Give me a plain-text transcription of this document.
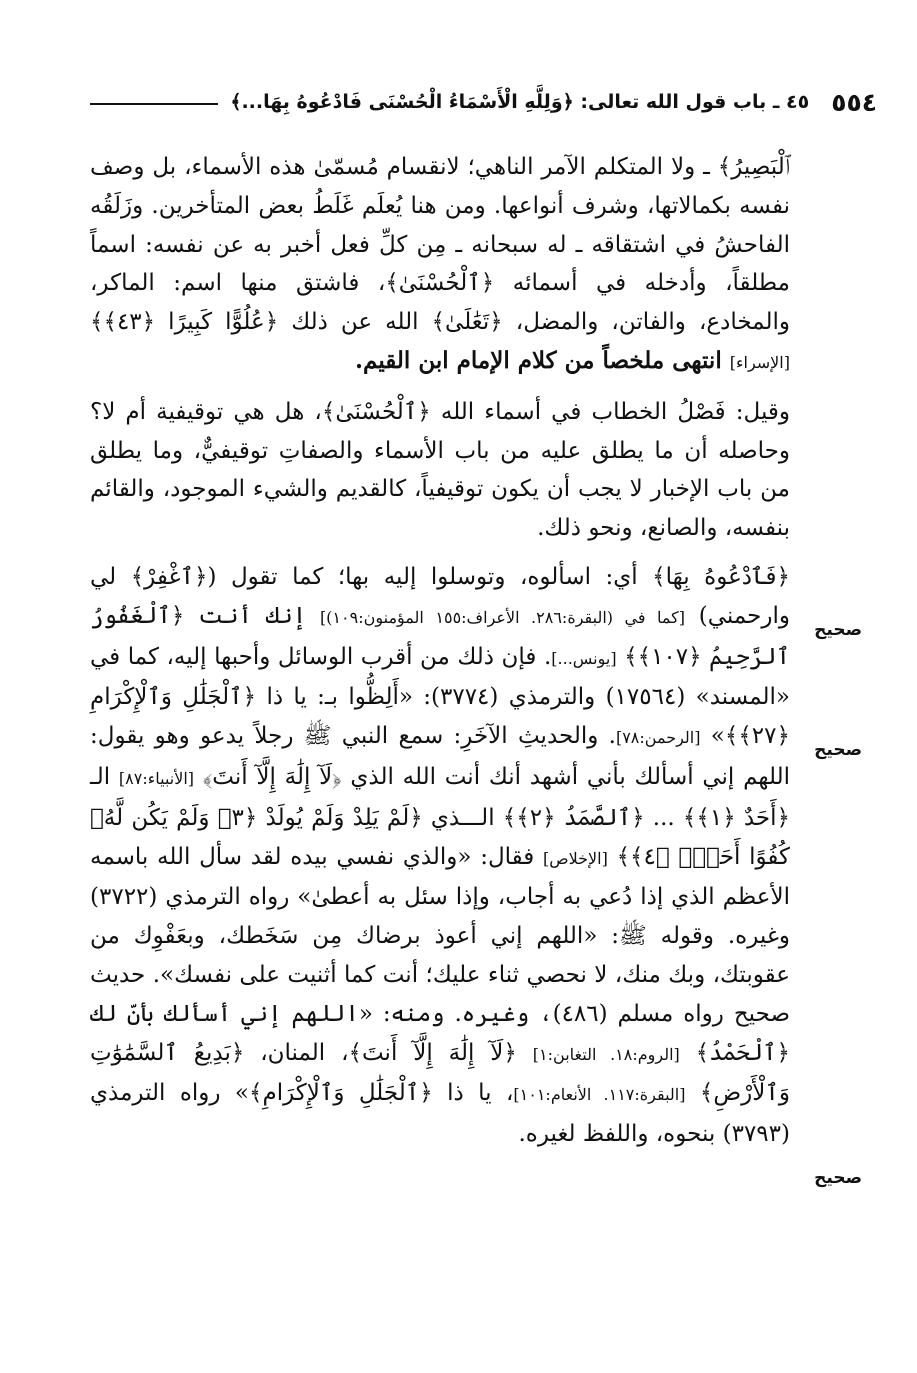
٥٥٤
٤٥ ـ باب قول الله تعالى: ﴿وَلِلَّهِ الْأَسْمَاءُ الْحُسْنَى فَادْعُوهُ بِهَا...﴾

ﭐلْبَصِيرُ﴾ ـ ولا المتكلم الآمر الناهي؛ لانقسام مُسمّىٰ هذه الأسماء، بل وصف نفسه بكمالاتها، وشرف أنواعها. ومن هنا يُعلَم غَلَطُ بعض المتأخرين. وزَلَقُه الفاحشُ في اشتقاقه ـ له سبحانه ـ مِن كلِّ فعل أخبر به عن نفسه: اسماً مطلقاً، وأدخله في أسمائه ﴿ٱلْحُسْنَىٰ﴾، فاشتق منها اسم: الماكر، والمخادع، والفاتن، والمضل، ﴿تَعَٰلَىٰ﴾ الله عن ذلك ﴿عُلُوًّا كَبِيرًا ﴿٤٣﴾﴾ [الإسراء] انتهى ملخصاً من كلام الإمام ابن القيم.

وقيل: فَصْلُ الخطاب في أسماء الله ﴿ٱلْحُسْنَىٰ﴾، هل هي توقيفية أم لا؟ وحاصله أن ما يطلق عليه من باب الأسماء والصفاتِ توقيفيٌّ، وما يطلق من باب الإخبار لا يجب أن يكون توقيفياً، كالقديم والشيء الموجود، والقائم بنفسه، والصانع، ونحو ذلك.

﴿فَٱدْعُوهُ بِهَا﴾ أي: اسألوه، وتوسلوا إليه بها؛ كما تقول (﴿ٱغْفِرْ﴾ لي وارحمني) [كما في (البقرة:٢٨٦. الأعراف:١٥٥ المؤمنون:١٠٩)] إنك أنت ﴿ٱلْغَفُورُ ٱلرَّحِيمُ ﴿١٠٧﴾﴾ [يونس...]. فإن ذلك من أقرب الوسائل وأحبها إليه، كما في «المسند» (١٧٥٦٤) والترمذي (٣٧٧٤): «أَلِظُّوا بـ: يا ذا ﴿ٱلْجَلَٰلِ وَٱلْإِكْرَامِ ﴿٢٧﴾﴾» [الرحمن:٧٨]. والحديثِ الآخَرِ: سمع النبي ﷺ رجلاً يدعو وهو يقول: اللهم إني أسألك بأني أشهد أنك أنت الله الذي ﴿لَآ إِلَٰهَ إِلَّآ أَنتَ﴾ [الأنبياء:٨٧] الـ ﴿أَحَدٌ ﴿١﴾﴾ ... ﴿ٱلصَّمَدُ ﴿٢﴾﴾ الـــذي ﴿لَمْ يَلِدْ وَلَمْ يُولَدْ ﴿٣﴾ وَلَمْ يَكُن لَّهُۥ كُفُوًا أَحَدٌۢ ﴿٤﴾﴾ [الإخلاص] فقال: «والذي نفسي بيده لقد سأل الله باسمه الأعظم الذي إذا دُعي به أجاب، وإذا سئل به أعطىٰ» رواه الترمذي (٣٧٢٢) وغيره. وقوله ﷺ: «اللهم إني أعوذ برضاك مِن سَخَطك، وبعَفْوِك من عقوبتك، وبك منك، لا نحصي ثناء عليك؛ أنت كما أثنيت على نفسك». حديث صحيح رواه مسلم (٤٨٦)، وغيره. ومنه: «اللهم إني أسألك بأنّ لك ﴿ٱلْحَمْدُ﴾ [الروم:١٨. التغابن:١] ﴿لَآ إِلَٰهَ إِلَّآ أَنتَ﴾، المنان، ﴿بَدِيعُ ٱلسَّمَٰوَٰتِ وَٱلْأَرْضِ﴾ [البقرة:١١٧. الأنعام:١٠١]، يا ذا ﴿ٱلْجَلَٰلِ وَٱلْإِكْرَامِ﴾» رواه الترمذي (٣٧٩٣) بنحوه، واللفظ لغيره.

صحيح
صحيح
صحيح
